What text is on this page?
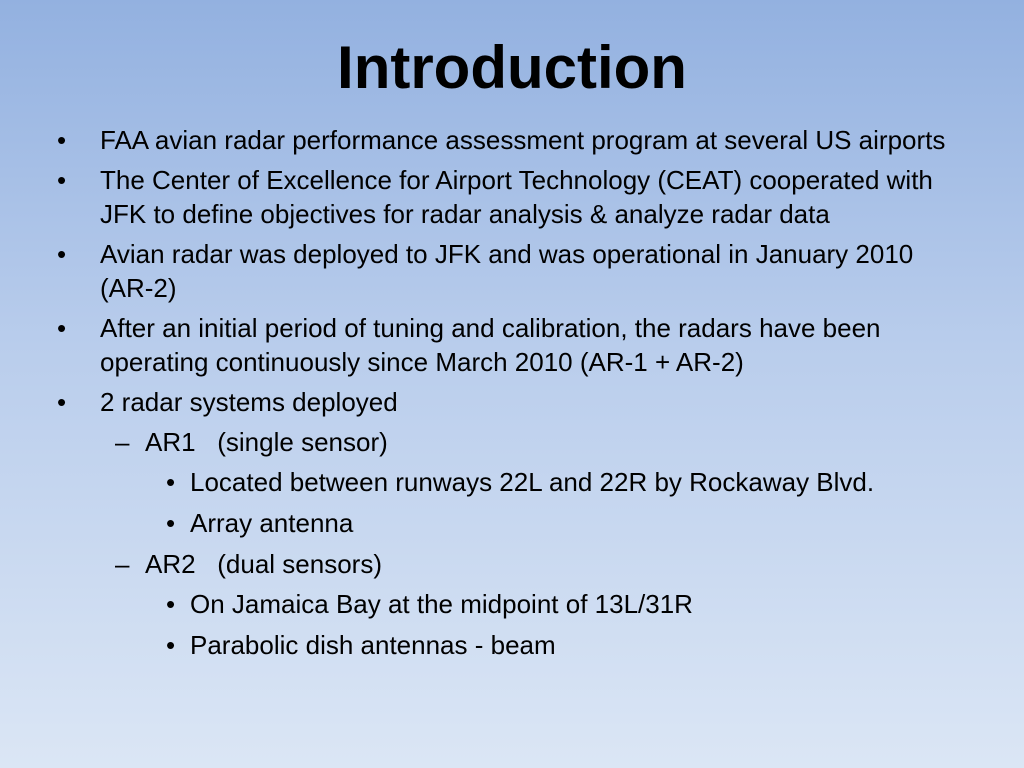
Introduction
• FAA avian radar performance assessment program at several US airports
• The Center of Excellence for Airport Technology (CEAT) cooperated with JFK to define objectives for radar analysis & analyze radar data
• Avian radar was deployed to JFK and was operational in January 2010 (AR-2)
• After an initial period of tuning and calibration, the radars have been operating continuously since March 2010 (AR-1 + AR-2)
• 2 radar systems deployed
– AR1   (single sensor)
• Located between runways 22L and 22R by Rockaway Blvd.
• Array antenna
– AR2   (dual sensors)
• On Jamaica Bay at the midpoint of 13L/31R
• Parabolic dish antennas - beam
